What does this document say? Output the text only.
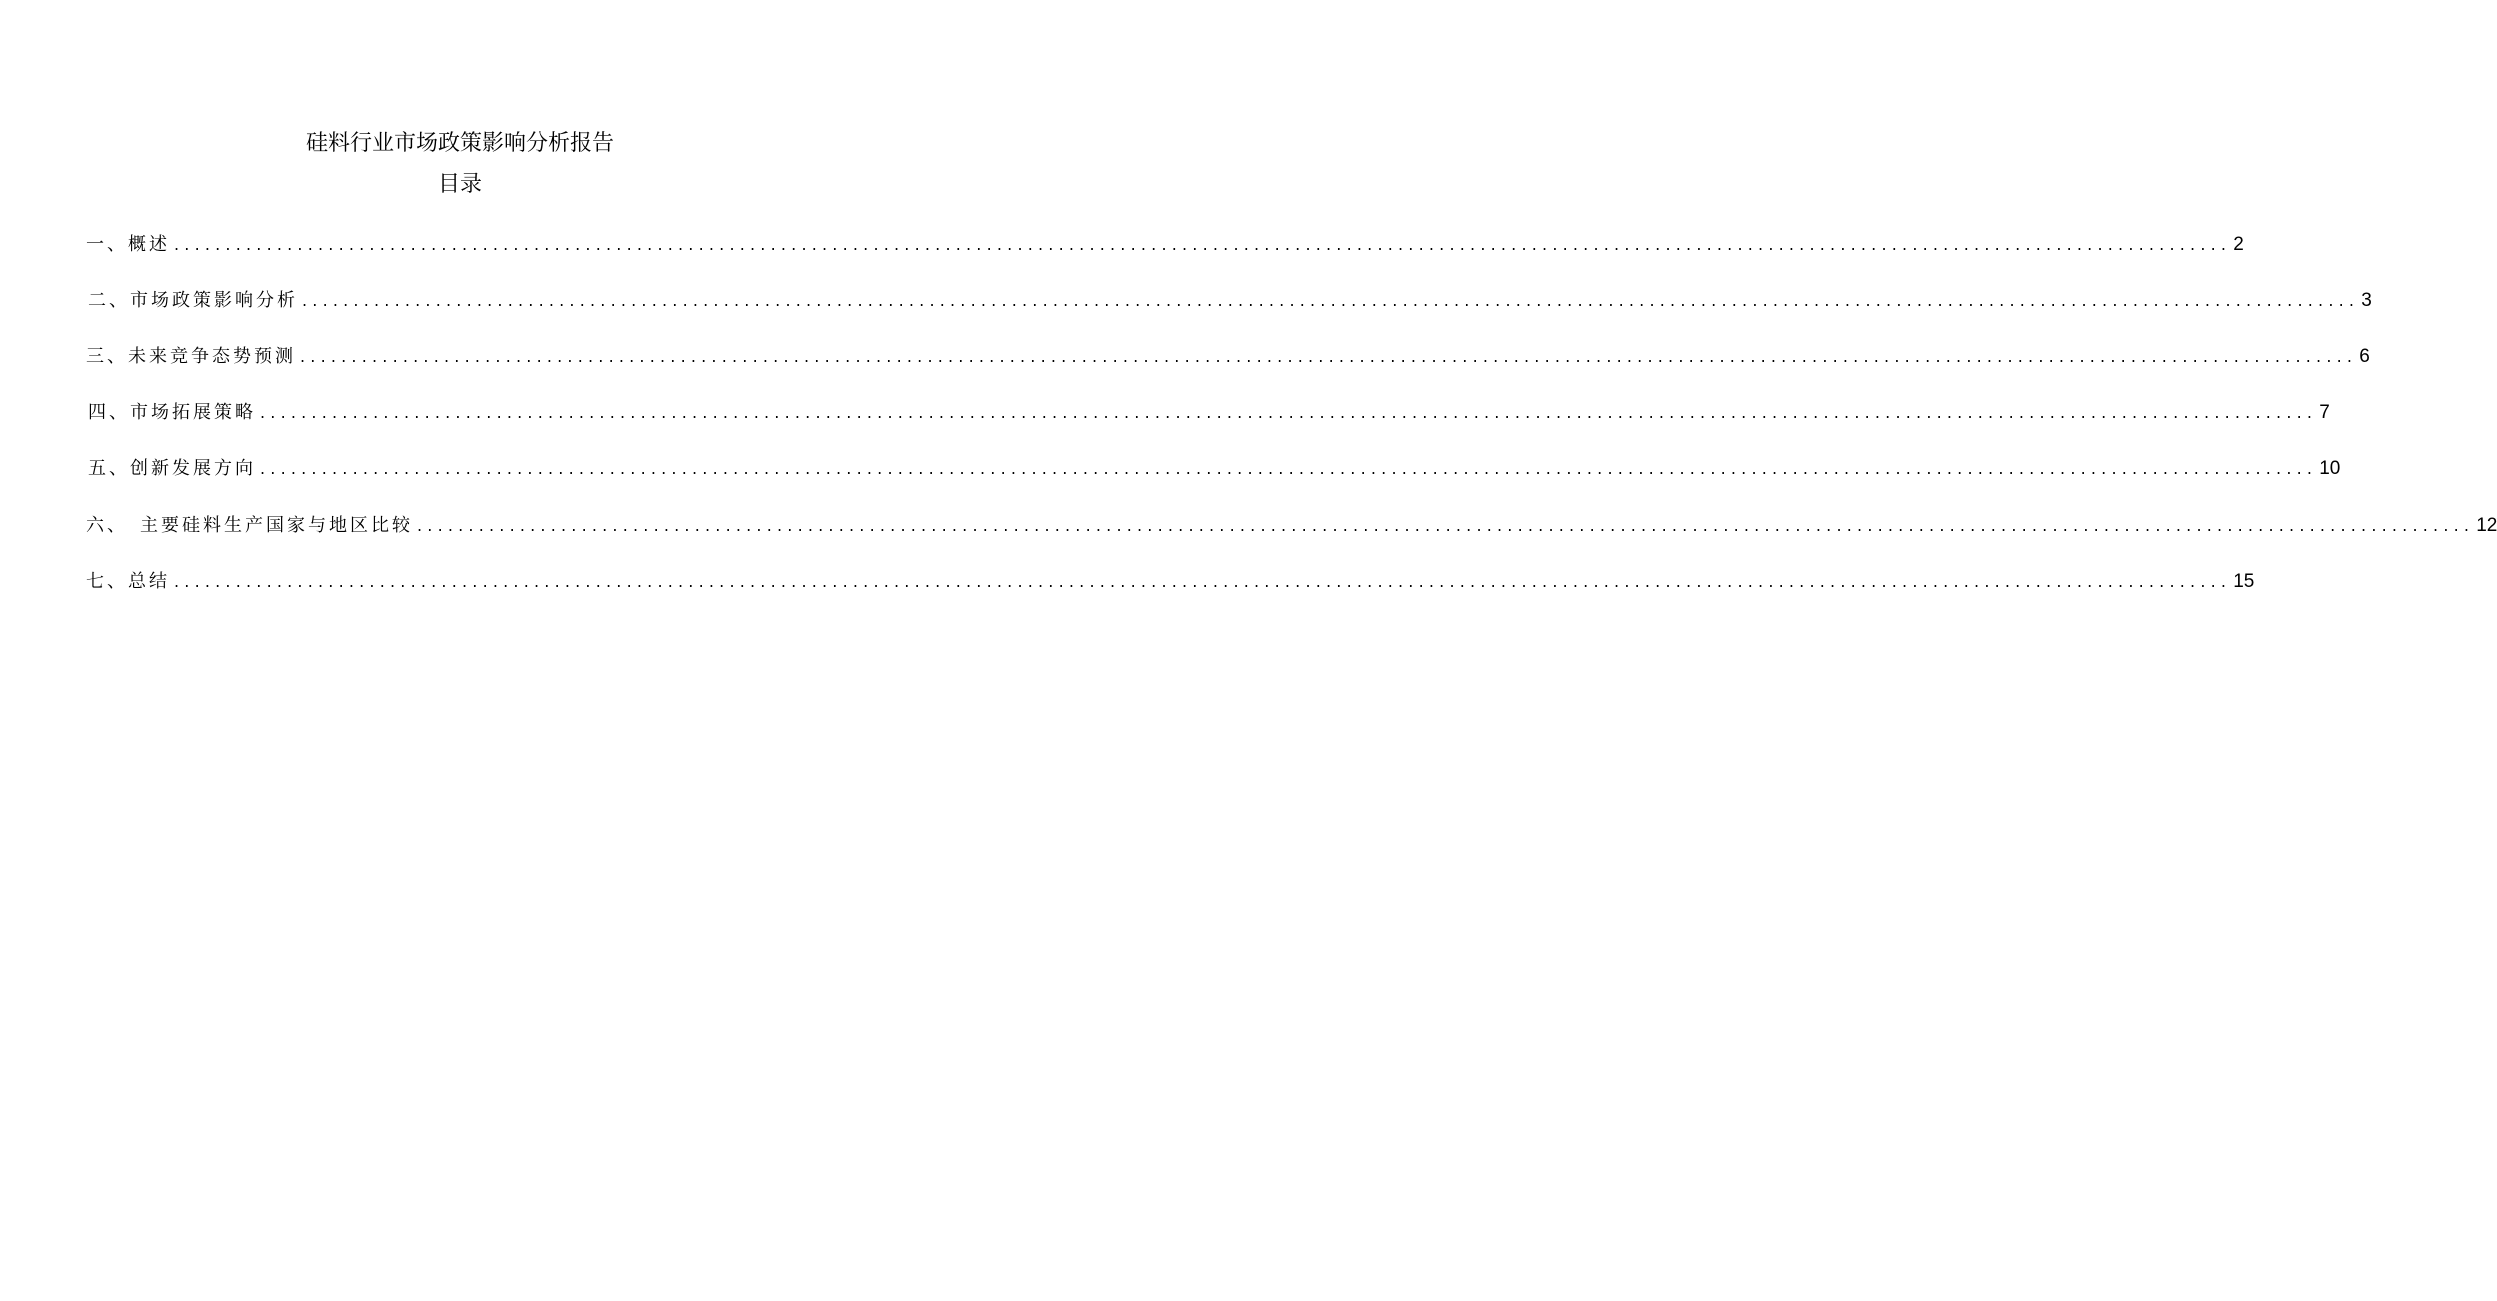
硅料行业市场政策影响分析报告
目录
一、概述 ........................................................................................................................................................................................................ 2
二、市场政策影响分析 ........................................................................................................................................................................................................ 3
三、未来竞争态势预测 ........................................................................................................................................................................................................ 6
四、市场拓展策略 ........................................................................................................................................................................................................ 7
五、创新发展方向 ........................................................................................................................................................................................................ 10
六、　主要硅料生产国家与地区比较 ........................................................................................................................................................................................................ 12
七、总结 ........................................................................................................................................................................................................ 15
